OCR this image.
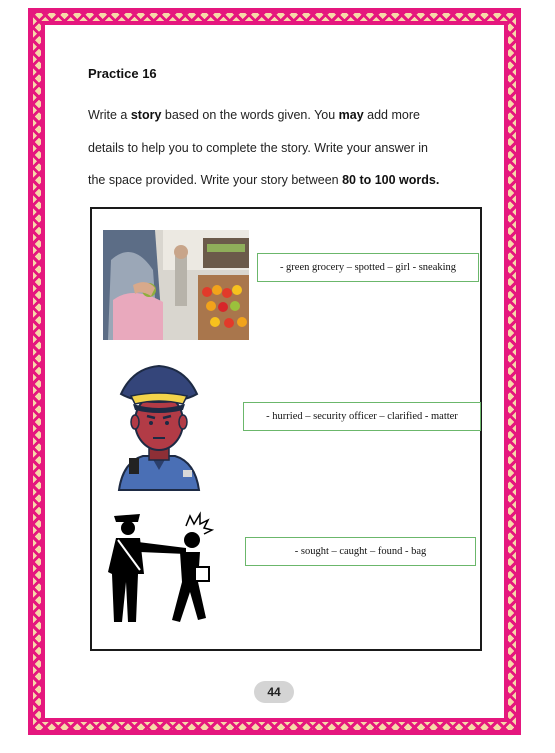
Practice 16
Write a story based on the words given. You may add more
details to help you to complete the story. Write your answer in
the space provided. Write your story between 80 to 100 words.
- green grocery – spotted – girl - sneaking
- hurried – security officer – clarified - matter
- sought – caught – found - bag
44
